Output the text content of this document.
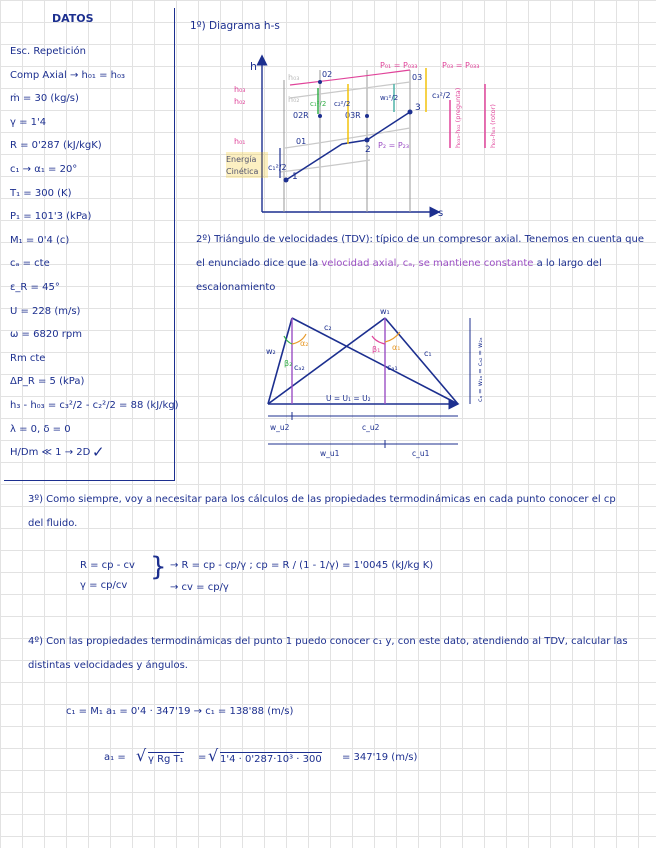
DATOS
Esc. Repetición
Comp Axial → h₀₁ = h₀₃
ṁ = 30 (kg/s)
γ = 1'4
R = 0'287 (kJ/kgK)
c₁ → α₁ = 20°
T₁ = 300 (K)
P₁ = 101'3 (kPa)
M₁ = 0'4 (c)
cₐ = cte
ε_R = 45°
U = 228 (m/s)
ω = 6820 rpm
Rm cte
ΔP_R = 5 (kPa)
h₃ - h₀₃ = c₃²/2 - c₂²/2 = 88 (kJ/kg)
λ = 0, δ = 0
H/Dm ≪ 1 → 2D ✓
1º) Diagrama h-s
h
s
1
2
3
02	03
01
02R	03R
h₀₃
h₀₂
h₀₁
h₀₃
h₀₂
P₀₁ = P₀₃₃	P₀₃ = P₀₃₃
P₂ = P₂₃
c₁²/2 c₂²/2
w₁²/2	c₃²/2
Energía
Cinética c₁²/2
h₀₃₃-h₀₂ (pregunta)	h₀₃-h₀₃ (rotor)
2º) Triángulo de velocidades (TDV): típico de un compresor axial. Tenemos en cuenta que el enunciado dice que la velocidad axial, cₐ, se mantiene constante a lo largo del escalonamiento
c₂
w₁
c₁
w₂	β₁ α₁
α₂
β₂ cₐ₂	cₐ₁
U = U₁ = U₂	cₐ = w₁ₐ = cₐ₂ = w₂ₐ
w_u2	c_u2
w_u1	c_u1
3º) Como siempre, voy a necesitar para los cálculos de las propiedades termodinámicas en cada punto conocer el cp del fluido.
R = cp - cv
γ = cp/cv
} → R = cp - cp/γ ; cp = R / (1 - 1/γ) = 1'0045 (kJ/kg K)
→ cv = cp/γ
4º) Con las propiedades termodinámicas del punto 1 puedo conocer c₁ y, con este dato, atendiendo al TDV, calcular las distintas velocidades y ángulos.
c₁ = M₁ a₁ = 0'4 · 347'19 → c₁ = 138'88 (m/s)
a₁ = √ γ Rg T₁ = √ 1'4 · 0'287·10³ · 300 = 347'19 (m/s)
